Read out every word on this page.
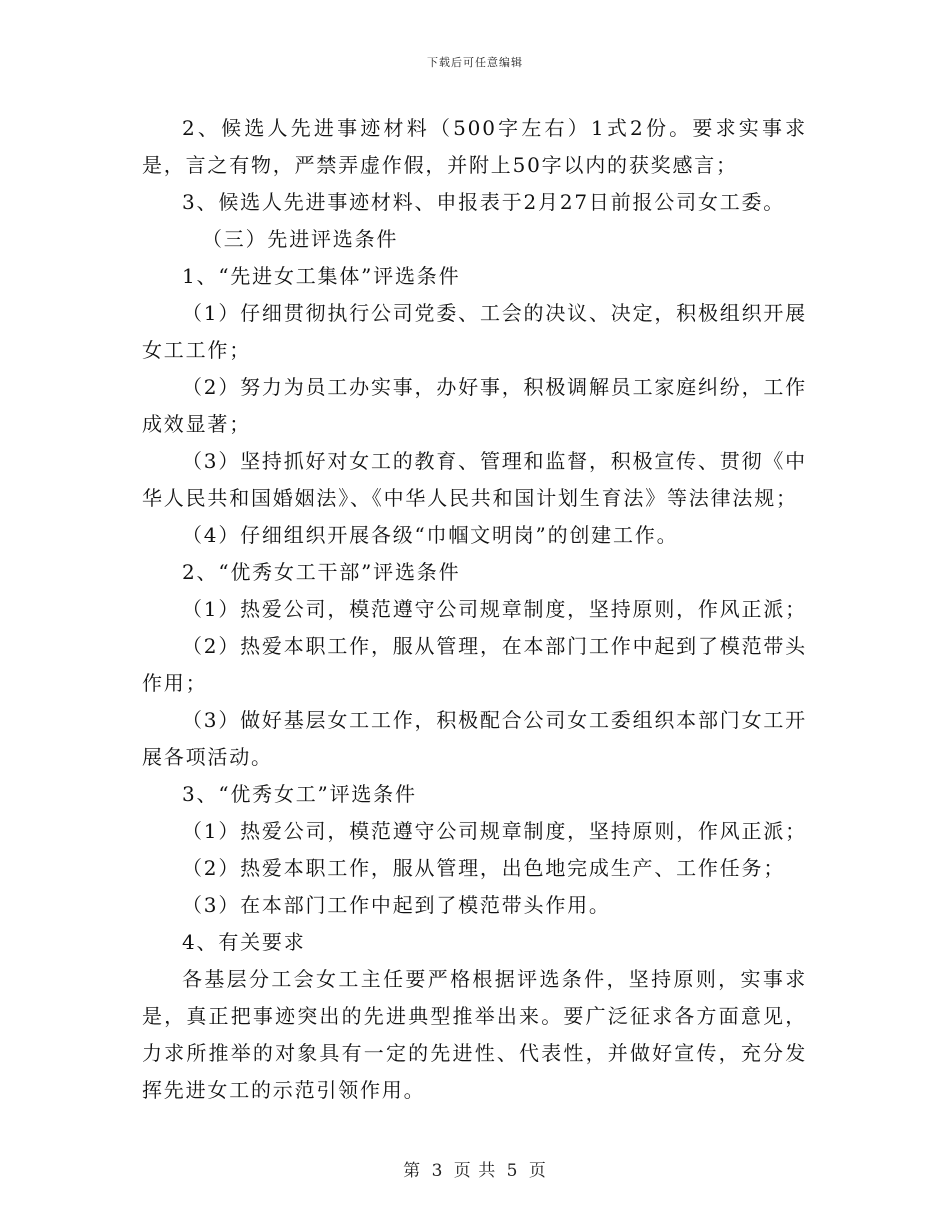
下载后可任意编辑

2、候选人先进事迹材料（500字左右）1式2份。要求实事求是，言之有物，严禁弄虚作假，并附上50字以内的获奖感言；

3、候选人先进事迹材料、申报表于2月27日前报公司女工委。

（三）先进评选条件

1、“先进女工集体”评选条件

（1）仔细贯彻执行公司党委、工会的决议、决定，积极组织开展女工工作；

（2）努力为员工办实事，办好事，积极调解员工家庭纠纷，工作成效显著；

（3）坚持抓好对女工的教育、管理和监督，积极宣传、贯彻《中华人民共和国婚姻法》、《中华人民共和国计划生育法》等法律法规；

（4）仔细组织开展各级“巾帼文明岗”的创建工作。

2、“优秀女工干部”评选条件

（1）热爱公司，模范遵守公司规章制度，坚持原则，作风正派；

（2）热爱本职工作，服从管理，在本部门工作中起到了模范带头作用；

（3）做好基层女工工作，积极配合公司女工委组织本部门女工开展各项活动。

3、“优秀女工”评选条件

（1）热爱公司，模范遵守公司规章制度，坚持原则，作风正派；

（2）热爱本职工作，服从管理，出色地完成生产、工作任务；

（3）在本部门工作中起到了模范带头作用。

4、有关要求

各基层分工会女工主任要严格根据评选条件，坚持原则，实事求是，真正把事迹突出的先进典型推举出来。要广泛征求各方面意见，力求所推举的对象具有一定的先进性、代表性，并做好宣传，充分发挥先进女工的示范引领作用。

第 3 页 共 5 页
